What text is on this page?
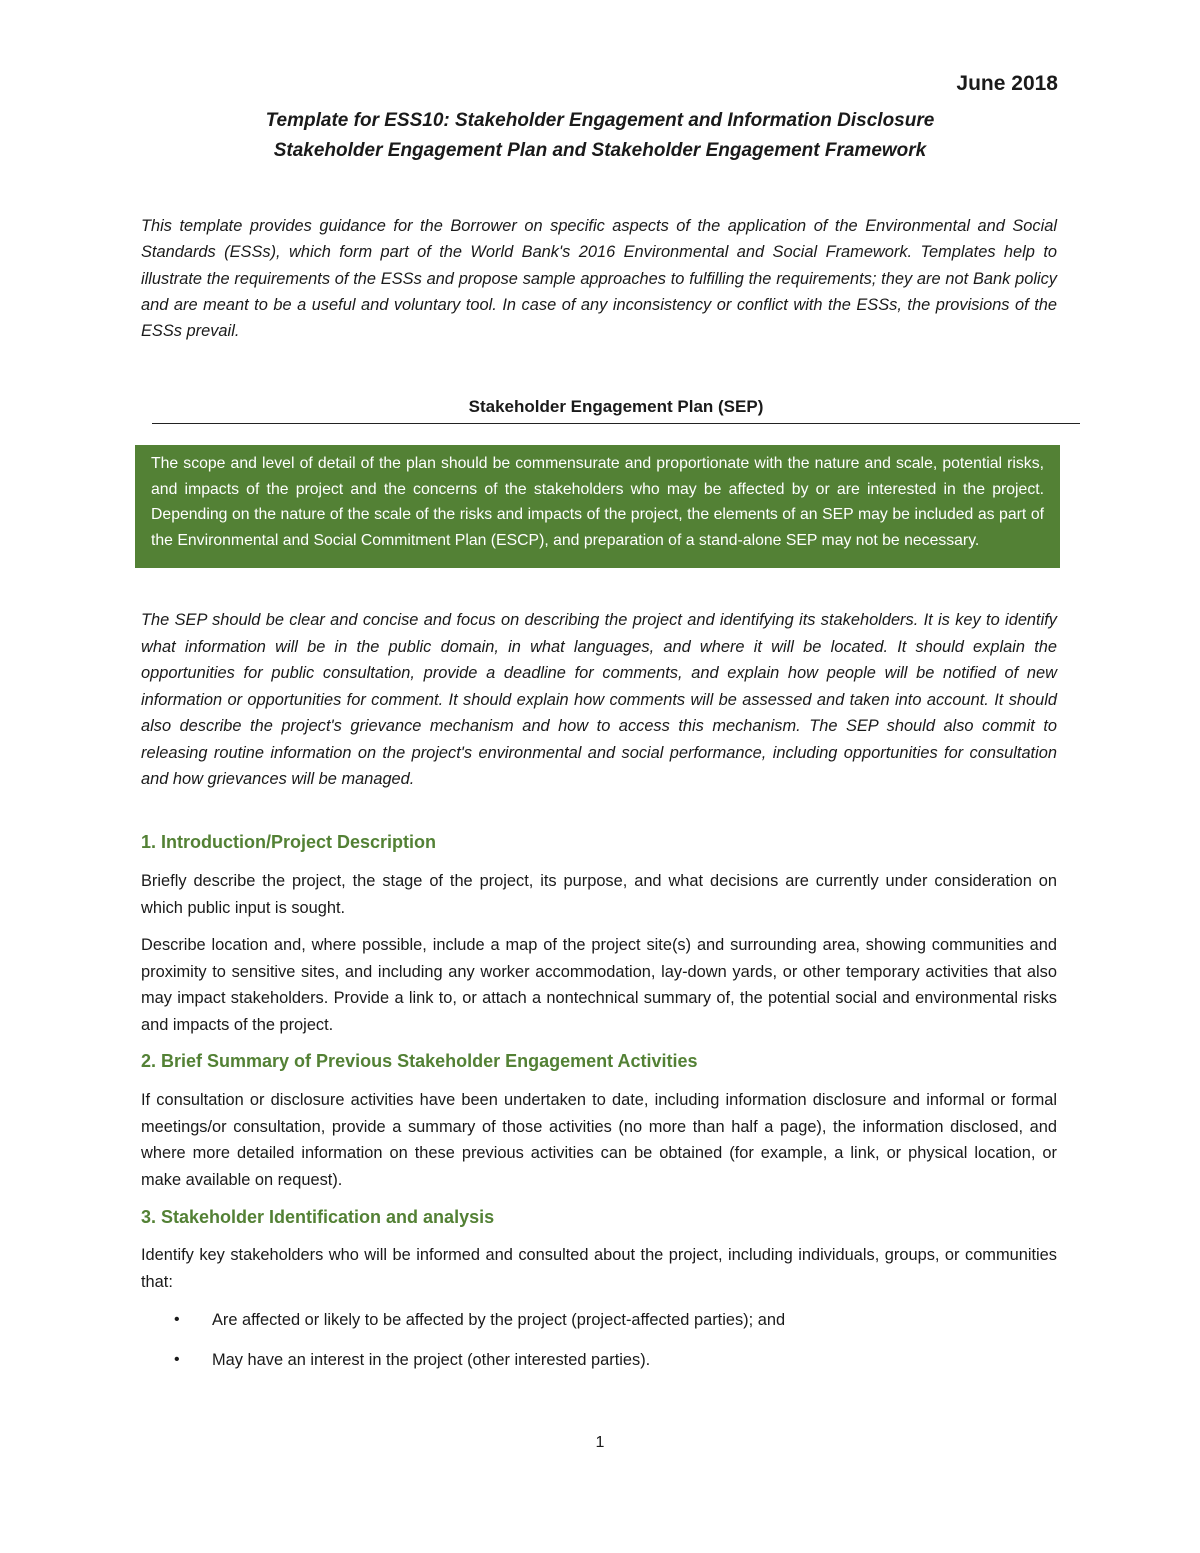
June 2018
Template for ESS10: Stakeholder Engagement and Information Disclosure
Stakeholder Engagement Plan and Stakeholder Engagement Framework
This template provides guidance for the Borrower on specific aspects of the application of the Environmental and Social Standards (ESSs), which form part of the World Bank's 2016 Environmental and Social Framework. Templates help to illustrate the requirements of the ESSs and propose sample approaches to fulfilling the requirements; they are not Bank policy and are meant to be a useful and voluntary tool. In case of any inconsistency or conflict with the ESSs, the provisions of the ESSs prevail.
Stakeholder Engagement Plan (SEP)
The scope and level of detail of the plan should be commensurate and proportionate with the nature and scale, potential risks, and impacts of the project and the concerns of the stakeholders who may be affected by or are interested in the project. Depending on the nature of the scale of the risks and impacts of the project, the elements of an SEP may be included as part of the Environmental and Social Commitment Plan (ESCP), and preparation of a stand-alone SEP may not be necessary.
The SEP should be clear and concise and focus on describing the project and identifying its stakeholders. It is key to identify what information will be in the public domain, in what languages, and where it will be located. It should explain the opportunities for public consultation, provide a deadline for comments, and explain how people will be notified of new information or opportunities for comment. It should explain how comments will be assessed and taken into account. It should also describe the project's grievance mechanism and how to access this mechanism. The SEP should also commit to releasing routine information on the project's environmental and social performance, including opportunities for consultation and how grievances will be managed.
1. Introduction/Project Description
Briefly describe the project, the stage of the project, its purpose, and what decisions are currently under consideration on which public input is sought.
Describe location and, where possible, include a map of the project site(s) and surrounding area, showing communities and proximity to sensitive sites, and including any worker accommodation, lay-down yards, or other temporary activities that also may impact stakeholders. Provide a link to, or attach a nontechnical summary of, the potential social and environmental risks and impacts of the project.
2. Brief Summary of Previous Stakeholder Engagement Activities
If consultation or disclosure activities have been undertaken to date, including information disclosure and informal or formal meetings/or consultation, provide a summary of those activities (no more than half a page), the information disclosed, and where more detailed information on these previous activities can be obtained (for example, a link, or physical location, or make available on request).
3. Stakeholder Identification and analysis
Identify key stakeholders who will be informed and consulted about the project, including individuals, groups, or communities that:
• Are affected or likely to be affected by the project (project-affected parties); and
• May have an interest in the project (other interested parties).
1
